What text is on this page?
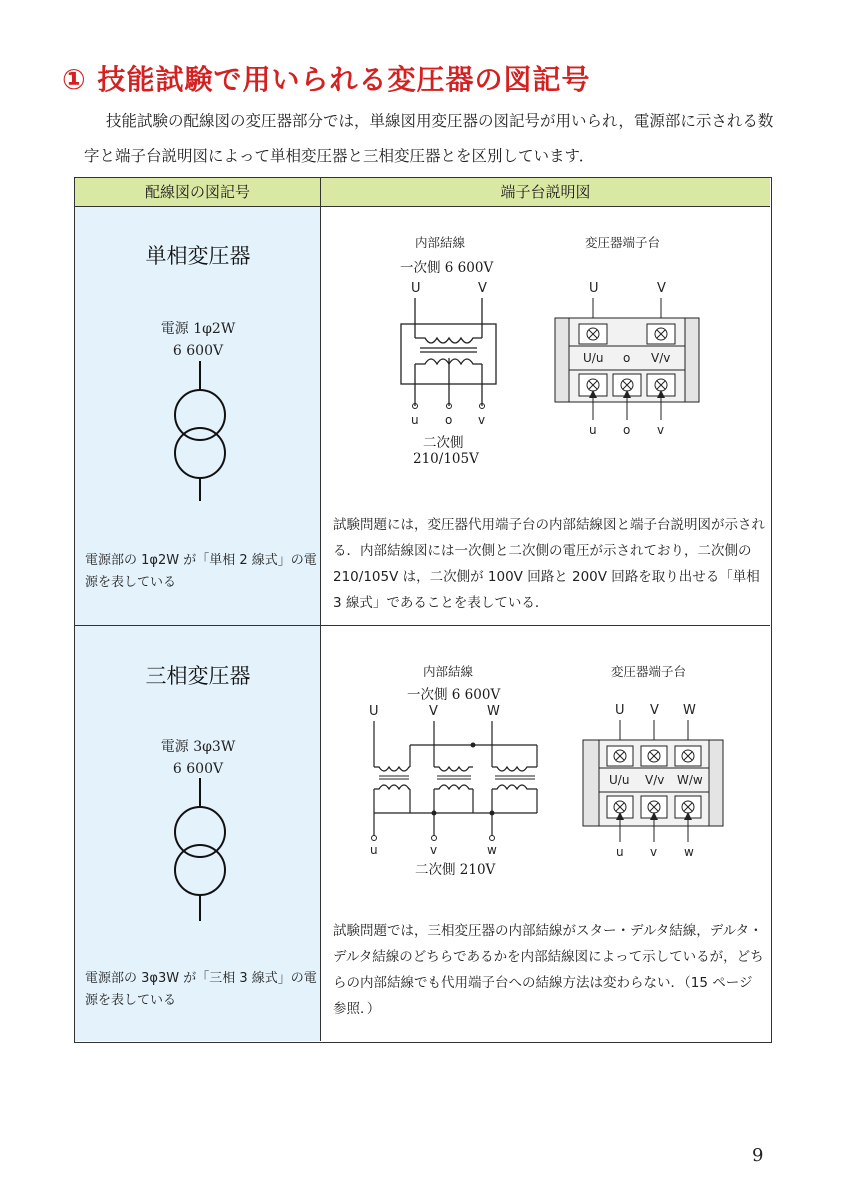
① 技能試験で用いられる変圧器の図記号
技能試験の配線図の変圧器部分では，単線図用変圧器の図記号が用いられ，電源部に示される数字と端子台説明図によって単相変圧器と三相変圧器とを区別しています．
配線図の図記号	端子台説明図
単相変圧器
電源 1φ2W
6 600V
電源部の 1φ2W が「単相 2 線式」の電源を表している
内部結線
一次側 6 600V
U	V
u o v
二次側
210/105V
変圧器端子台
U	V
U/u o V/v
u o v
試験問題には，変圧器代用端子台の内部結線図と端子台説明図が示される．内部結線図には一次側と二次側の電圧が示されており，二次側の 210/105V は，二次側が 100V 回路と 200V 回路を取り出せる「単相 3 線式」であることを表している．
三相変圧器
電源 3φ3W
6 600V
電源部の 3φ3W が「三相 3 線式」の電源を表している
内部結線
一次側 6 600V
U	V	W
u	v	w
二次側 210V
変圧器端子台
U V W
U/u V/v W/w
u v w
試験問題では，三相変圧器の内部結線がスター・デルタ結線，デルタ・デルタ結線のどちらであるかを内部結線図によって示しているが，どちらの内部結線でも代用端子台への結線方法は変わらない．（15 ページ参照．）
9
